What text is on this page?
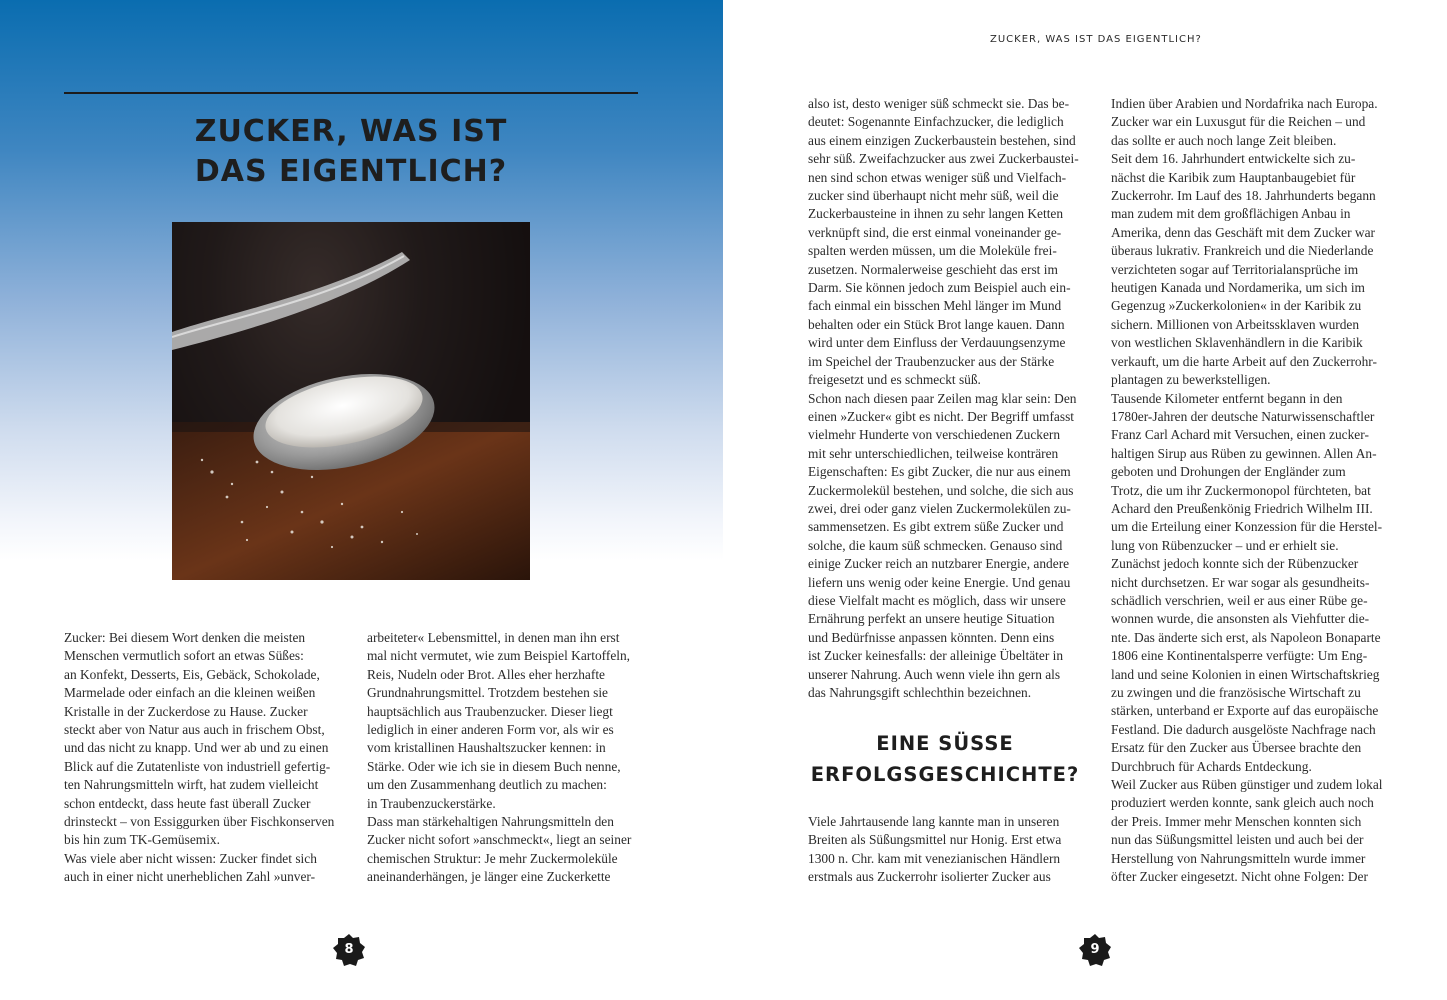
ZUCKER, WAS IST
DAS EIGENTLICH?

Zucker: Bei diesem Wort denken die meisten
Menschen vermutlich sofort an etwas Süßes:
an Konfekt, Desserts, Eis, Gebäck, Schokolade,
Marmelade oder einfach an die kleinen weißen
Kristalle in der Zuckerdose zu Hause. Zucker
steckt aber von Natur aus auch in frischem Obst,
und das nicht zu knapp. Und wer ab und zu einen
Blick auf die Zutatenliste von industriell gefertig-
ten Nahrungsmitteln wirft, hat zudem vielleicht
schon entdeckt, dass heute fast überall Zucker
drinsteckt – von Essiggurken über Fischkonserven
bis hin zum TK-Gemüsemix.
Was viele aber nicht wissen: Zucker findet sich
auch in einer nicht unerheblichen Zahl »unver-

arbeiteter« Lebensmittel, in denen man ihn erst
mal nicht vermutet, wie zum Beispiel Kartoffeln,
Reis, Nudeln oder Brot. Alles eher herzhafte
Grundnahrungsmittel. Trotzdem bestehen sie
hauptsächlich aus Traubenzucker. Dieser liegt
lediglich in einer anderen Form vor, als wir es
vom kristallinen Haushaltszucker kennen: in
Stärke. Oder wie ich sie in diesem Buch nenne,
um den Zusammenhang deutlich zu machen:
in Traubenzuckerstärke.
Dass man stärkehaltigen Nahrungsmitteln den
Zucker nicht sofort »anschmeckt«, liegt an seiner
chemischen Struktur: Je mehr Zuckermoleküle
aneinanderhängen, je länger eine Zuckerkette

8
ZUCKER, WAS IST DAS EIGENTLICH?

also ist, desto weniger süß schmeckt sie. Das be-
deutet: Sogenannte Einfachzucker, die lediglich
aus einem einzigen Zuckerbaustein bestehen, sind
sehr süß. Zweifachzucker aus zwei Zuckerbaustei-
nen sind schon etwas weniger süß und Vielfach-
zucker sind überhaupt nicht mehr süß, weil die
Zuckerbausteine in ihnen zu sehr langen Ketten
verknüpft sind, die erst einmal voneinander ge-
spalten werden müssen, um die Moleküle frei-
zusetzen. Normalerweise geschieht das erst im
Darm. Sie können jedoch zum Beispiel auch ein-
fach einmal ein bisschen Mehl länger im Mund
behalten oder ein Stück Brot lange kauen. Dann
wird unter dem Einfluss der Verdauungsenzyme
im Speichel der Traubenzucker aus der Stärke
freigesetzt und es schmeckt süß.
Schon nach diesen paar Zeilen mag klar sein: Den
einen »Zucker« gibt es nicht. Der Begriff umfasst
vielmehr Hunderte von verschiedenen Zuckern
mit sehr unterschiedlichen, teilweise konträren
Eigenschaften: Es gibt Zucker, die nur aus einem
Zuckermolekül bestehen, und solche, die sich aus
zwei, drei oder ganz vielen Zuckermolekülen zu-
sammensetzen. Es gibt extrem süße Zucker und
solche, die kaum süß schmecken. Genauso sind
einige Zucker reich an nutzbarer Energie, andere
liefern uns wenig oder keine Energie. Und genau
diese Vielfalt macht es möglich, dass wir unsere
Ernährung perfekt an unsere heutige Situation
und Bedürfnisse anpassen könnten. Denn eins
ist Zucker keinesfalls: der alleinige Übeltäter in
unserer Nahrung. Auch wenn viele ihn gern als
das Nahrungsgift schlechthin bezeichnen.

EINE SÜSSE
ERFOLGSGESCHICHTE?

Viele Jahrtausende lang kannte man in unseren
Breiten als Süßungsmittel nur Honig. Erst etwa
1300 n. Chr. kam mit venezianischen Händlern
erstmals aus Zuckerrohr isolierter Zucker aus

Indien über Arabien und Nordafrika nach Europa.
Zucker war ein Luxusgut für die Reichen – und
das sollte er auch noch lange Zeit bleiben.
Seit dem 16. Jahrhundert entwickelte sich zu-
nächst die Karibik zum Hauptanbaugebiet für
Zuckerrohr. Im Lauf des 18. Jahrhunderts begann
man zudem mit dem großflächigen Anbau in
Amerika, denn das Geschäft mit dem Zucker war
überaus lukrativ. Frankreich und die Niederlande
verzichteten sogar auf Territorialansprüche im
heutigen Kanada und Nordamerika, um sich im
Gegenzug »Zuckerkolonien« in der Karibik zu
sichern. Millionen von Arbeitssklaven wurden
von westlichen Sklavenhändlern in die Karibik
verkauft, um die harte Arbeit auf den Zuckerrohr-
plantagen zu bewerkstelligen.
Tausende Kilometer entfernt begann in den
1780er-Jahren der deutsche Naturwissenschaftler
Franz Carl Achard mit Versuchen, einen zucker-
haltigen Sirup aus Rüben zu gewinnen. Allen An-
geboten und Drohungen der Engländer zum
Trotz, die um ihr Zuckermonopol fürchteten, bat
Achard den Preußenkönig Friedrich Wilhelm III.
um die Erteilung einer Konzession für die Herstel-
lung von Rübenzucker – und er erhielt sie.
Zunächst jedoch konnte sich der Rübenzucker
nicht durchsetzen. Er war sogar als gesundheits-
schädlich verschrien, weil er aus einer Rübe ge-
wonnen wurde, die ansonsten als Viehfutter die-
nte. Das änderte sich erst, als Napoleon Bonaparte
1806 eine Kontinentalsperre verfügte: Um Eng-
land und seine Kolonien in einen Wirtschaftskrieg
zu zwingen und die französische Wirtschaft zu
stärken, unterband er Exporte auf das europäische
Festland. Die dadurch ausgelöste Nachfrage nach
Ersatz für den Zucker aus Übersee brachte den
Durchbruch für Achards Entdeckung.
Weil Zucker aus Rüben günstiger und zudem lokal
produziert werden konnte, sank gleich auch noch
der Preis. Immer mehr Menschen konnten sich
nun das Süßungsmittel leisten und auch bei der
Herstellung von Nahrungsmitteln wurde immer
öfter Zucker eingesetzt. Nicht ohne Folgen: Der

9
